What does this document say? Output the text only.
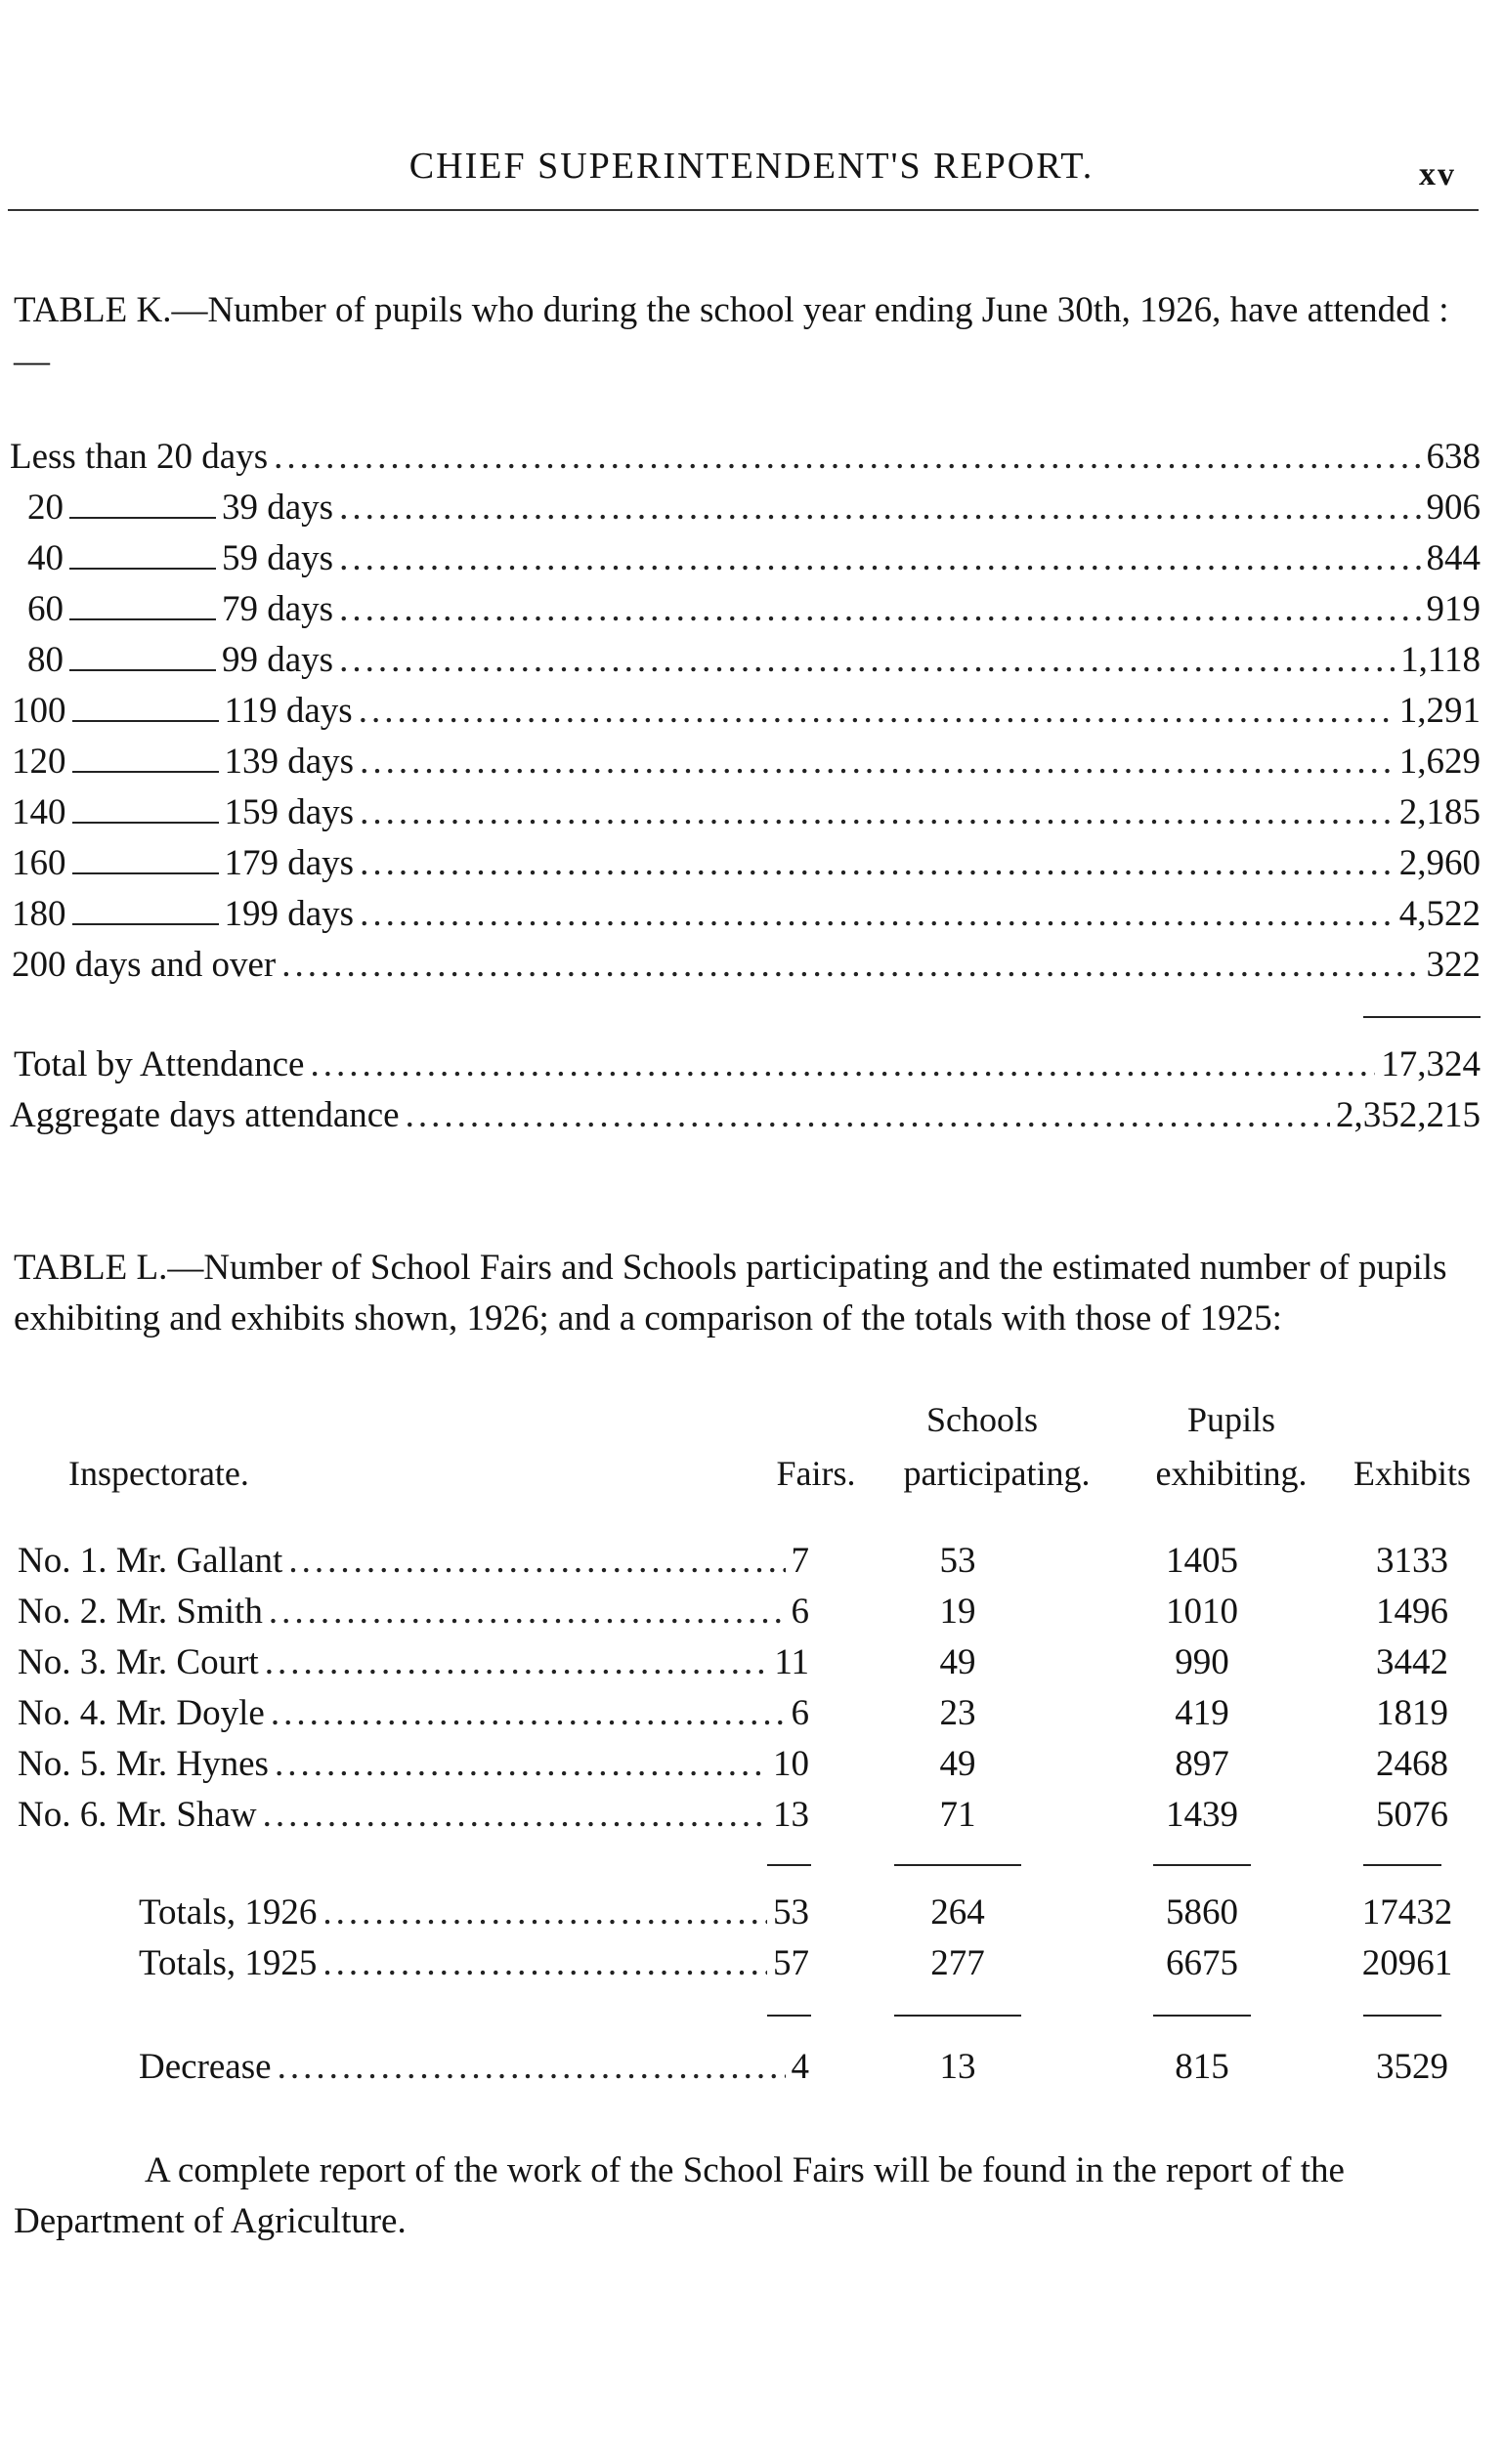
CHIEF SUPERINTENDENT'S REPORT.	xv
TABLE K.—Number of pupils who during the school year ending June 30th, 1926, have attended :—
Less than 20 days .....	638
20	39 days .....	906
40	59 days .....	844
60	79 days .....	919
80	99 days .....	1,118
100	119 days .....	1,291
120	139 days .....	1,629
140	159 days .....	2,185
160	179 days .....	2,960
180	199 days .....	4,522
200 days and over .....	322
Total by Attendance .....	17,324
Aggregate days attendance .....	2,352,215
TABLE L.—Number of School Fairs and Schools participating and the estimated number of pupils exhibiting and exhibits shown, 1926; and a comparison of the totals with those of 1925:
Schools	Pupils
Inspectorate.	Fairs.	participating.	exhibiting.	Exhibits
No. 1. Mr. Gallant .....	7	53	1405	3133
No. 2. Mr. Smith .....	6	19	1010	1496
No. 3. Mr. Court .....	11	49	990	3442
No. 4. Mr. Doyle .....	6	23	419	1819
No. 5. Mr. Hynes .....	10	49	897	2468
No. 6. Mr. Shaw .....	13	71	1439	5076
Totals, 1926 .....	53	264	5860	17432
Totals, 1925 .....	57	277	6675	20961
Decrease .....	4	13	815	3529
A complete report of the work of the School Fairs will be found in the report of the Department of Agriculture.
